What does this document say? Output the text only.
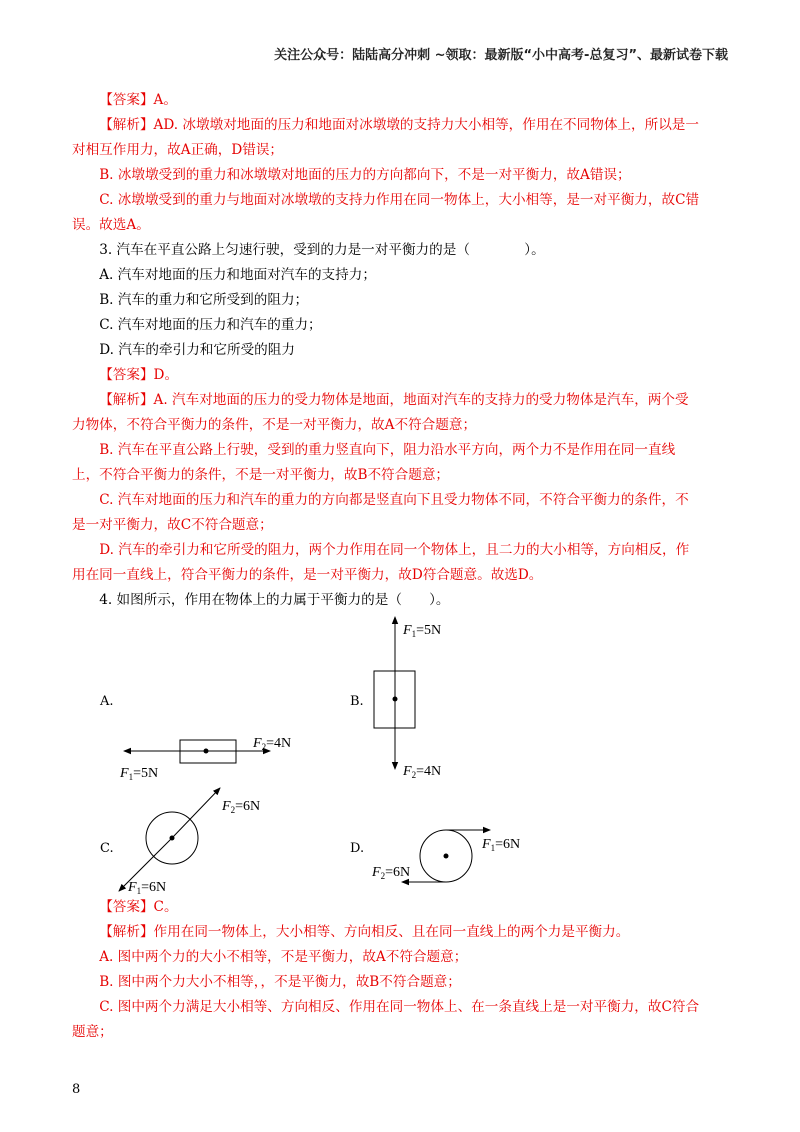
关注公众号：陆陆高分冲刺 ~领取：最新版“小中高考-总复习”、最新试卷下载

【答案】A。

【解析】AD. 冰墩墩对地面的压力和地面对冰墩墩的支持力大小相等，作用在不同物体上，所以是一

对相互作用力，故A正确，D错误；

B. 冰墩墩受到的重力和冰墩墩对地面的压力的方向都向下，不是一对平衡力，故A错误；

C. 冰墩墩受到的重力与地面对冰墩墩的支持力作用在同一物体上，大小相等，是一对平衡力，故C错

误。故选A。

3. 汽车在平直公路上匀速行驶，受到的力是一对平衡力的是（　　　　）。

A. 汽车对地面的压力和地面对汽车的支持力；

B. 汽车的重力和它所受到的阻力；

C. 汽车对地面的压力和汽车的重力；

D. 汽车的牵引力和它所受的阻力

【答案】D。

【解析】A. 汽车对地面的压力的受力物体是地面，地面对汽车的支持力的受力物体是汽车，两个受

力物体，不符合平衡力的条件，不是一对平衡力，故A不符合题意；

B. 汽车在平直公路上行驶，受到的重力竖直向下，阻力沿水平方向，两个力不是作用在同一直线

上，不符合平衡力的条件，不是一对平衡力，故B不符合题意；

C. 汽车对地面的压力和汽车的重力的方向都是竖直向下且受力物体不同，不符合平衡力的条件，不

是一对平衡力，故C不符合题意；

D. 汽车的牵引力和它所受的阻力，两个力作用在同一个物体上，且二力的大小相等，方向相反，作

用在同一直线上，符合平衡力的条件，是一对平衡力，故D符合题意。故选D。

4. 如图所示，作用在物体上的力属于平衡力的是（　　）。

A.	B.
C.	D.
$F_1=5N$
$F_2=4N$
$F_1=5N$
$F_2=4N$
$F_2=6N$
$F_1=6N$
$F_1=6N$
$F_2=6N$

【答案】C。

【解析】作用在同一物体上，大小相等、方向相反、且在同一直线上的两个力是平衡力。

A. 图中两个力的大小不相等，不是平衡力，故A不符合题意；

B. 图中两个力大小不相等，，不是平衡力，故B不符合题意；

C. 图中两个力满足大小相等、方向相反、作用在同一物体上、在一条直线上是一对平衡力，故C符合

题意；

8
